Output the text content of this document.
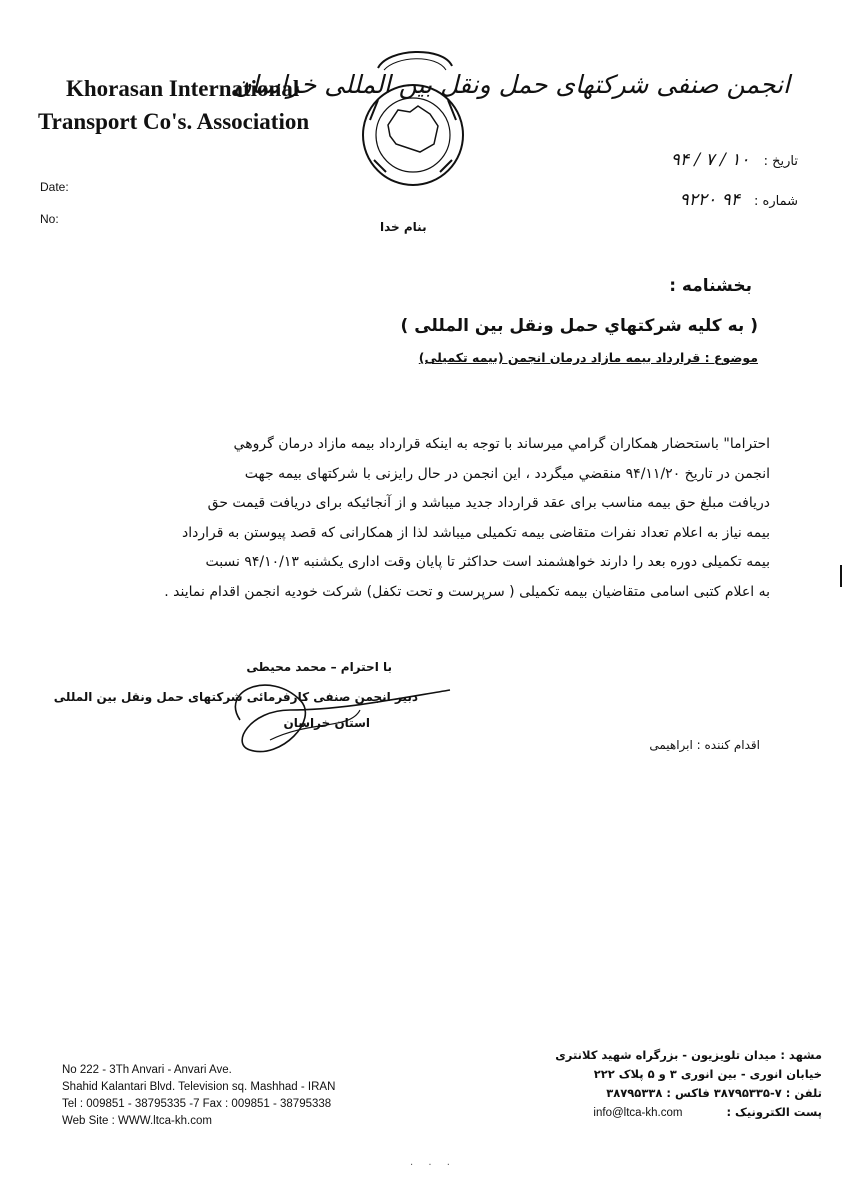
Khorasan International
Transport Co's. Association
Date:
No:
انجمن صنفی شرکتهای حمل ونقل بین المللی خراسان
تاریخ : ۱۰ / ۷ / ۹۴
شماره : ۹۴ ۹۲۲۰
بنام خدا
بخشنامه :
( به کلیه شرکتهاي حمل ونقل بین المللی )
موضوع : قرارداد بیمه مازاد درمان انجمن (بیمه تکمیلی)
احتراما" باستحضار همکاران گرامي ميرساند با توجه به اينکه قرارداد بيمه مازاد درمان گروهي
انجمن در تاريخ ۹۴/۱۱/۲۰ منقضي ميگردد ، اين انجمن در حال رايزنی با شرکتهای بيمه جهت
دريافت مبلغ حق بيمه مناسب برای عقد قرارداد جديد ميباشد و از آنجائيکه برای دريافت قيمت حق
بيمه نياز به اعلام تعداد نفرات متقاضی بيمه تکميلی ميباشد لذا از همکارانی که قصد پيوستن به قرارداد
بيمه تکميلی دوره بعد را دارند خواهشمند است حداکثر تا پايان وقت اداری يکشنبه ۹۴/۱۰/۱۳ نسبت
به اعلام کتبی اسامی متقاضيان بيمه تکميلی ( سرپرست و تحت تکفل) شرکت خوديه انجمن اقدام نمايند .
با احترام – محمد محیطی
دبیر انجمن صنفی کارفرمائی شرکتهای حمل ونقل بین المللی
استان خراسان
اقدام کننده : ابراهیمی
No 222 - 3Th Anvari - Anvari Ave.
Shahid Kalantari Blvd. Television sq. Mashhad - IRAN
Tel : 009851 - 38795335 -7 Fax : 009851 - 38795338
Web Site : WWW.ltca-kh.com
مشهد : میدان تلویزیون - بزرگراه شهید کلانتری
خیابان انوری - بین انوری ۳ و ۵ پلاک ۲۲۲
تلفن : ۷-۳۸۷۹۵۳۳۵ فاکس : ۳۸۷۹۵۳۳۸
پست الکترونیک : info@ltca-kh.com
· · ·
